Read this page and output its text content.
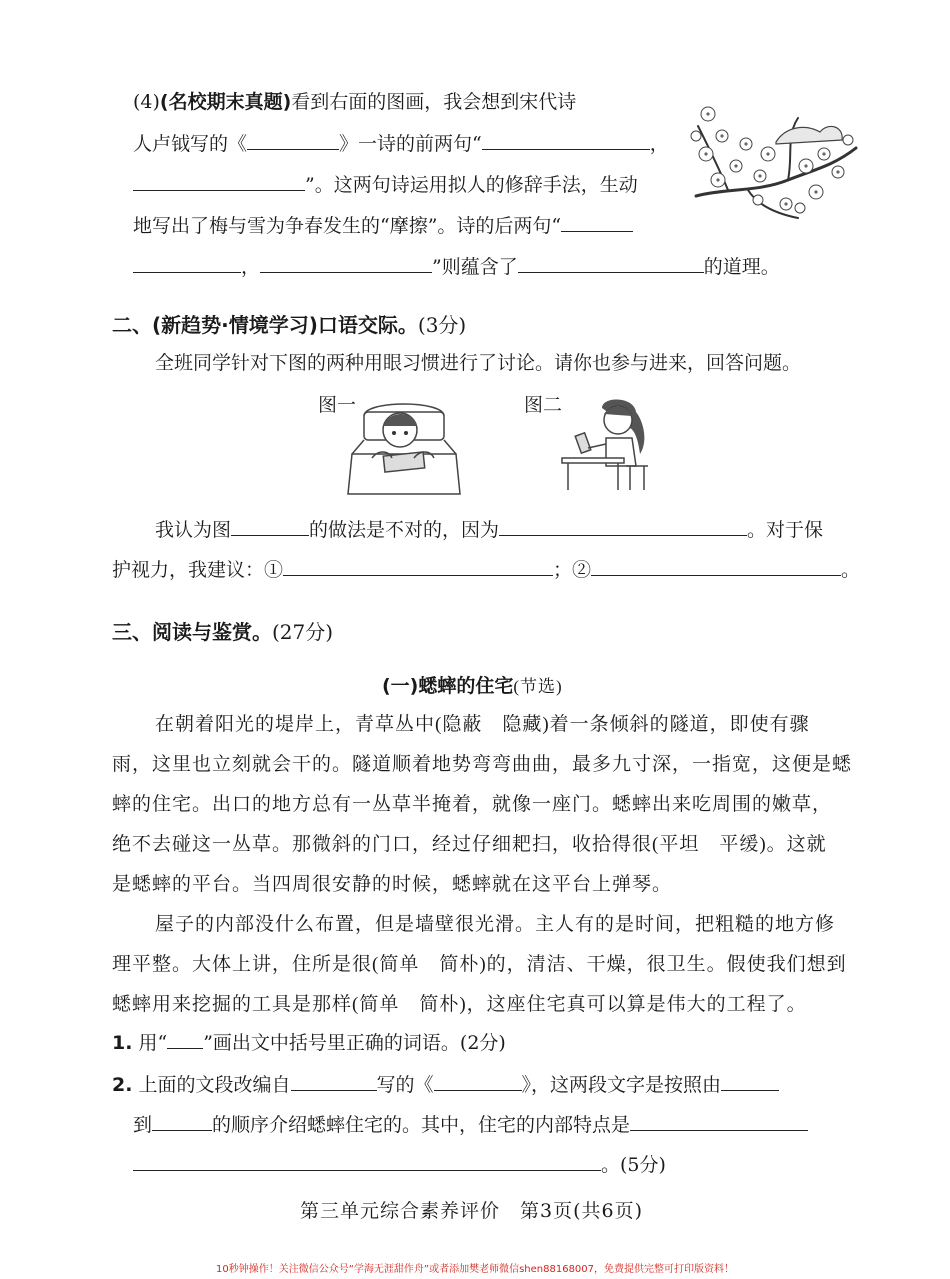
(4)(名校期末真题)看到右面的图画，我会想到宋代诗
人卢钺写的《	》一诗的前两句“	，
”。这两句诗运用拟人的修辞手法，生动
地写出了梅与雪为争春发生的“摩擦”。诗的后两句“
，	”则蕴含了	的道理。
二、(新趋势·情境学习)口语交际。(3分)
全班同学针对下图的两种用眼习惯进行了讨论。请你也参与进来，回答问题。
图一	图二
我认为图	的做法是不对的，因为	。对于保
护视力，我建议：①	；②	。
三、阅读与鉴赏。(27分)
(一)蟋蟀的住宅(节选)
在朝着阳光的堤岸上，青草丛中(隐蔽　隐藏)着一条倾斜的隧道，即使有骤
雨，这里也立刻就会干的。隧道顺着地势弯弯曲曲，最多九寸深，一指宽，这便是蟋
蟀的住宅。出口的地方总有一丛草半掩着，就像一座门。蟋蟀出来吃周围的嫩草，
绝不去碰这一丛草。那微斜的门口，经过仔细耙扫，收拾得很(平坦　平缓)。这就
是蟋蟀的平台。当四周很安静的时候，蟋蟀就在这平台上弹琴。
屋子的内部没什么布置，但是墙壁很光滑。主人有的是时间，把粗糙的地方修
理平整。大体上讲，住所是很(简单　简朴)的，清洁、干燥，很卫生。假使我们想到
蟋蟀用来挖掘的工具是那样(简单　简朴)，这座住宅真可以算是伟大的工程了。
1. 用“ ”画出文中括号里正确的词语。(2分)
2. 上面的文段改编自	写的《	》，这两段文字是按照由
到	的顺序介绍蟋蟀住宅的。其中，住宅的内部特点是
。(5分)
第三单元综合素养评价　第3页(共6页)
10秒钟操作！关注微信公众号“学海无涯甜作舟”或者添加樊老师微信shen88168007，免费提供完整可打印版资料！
